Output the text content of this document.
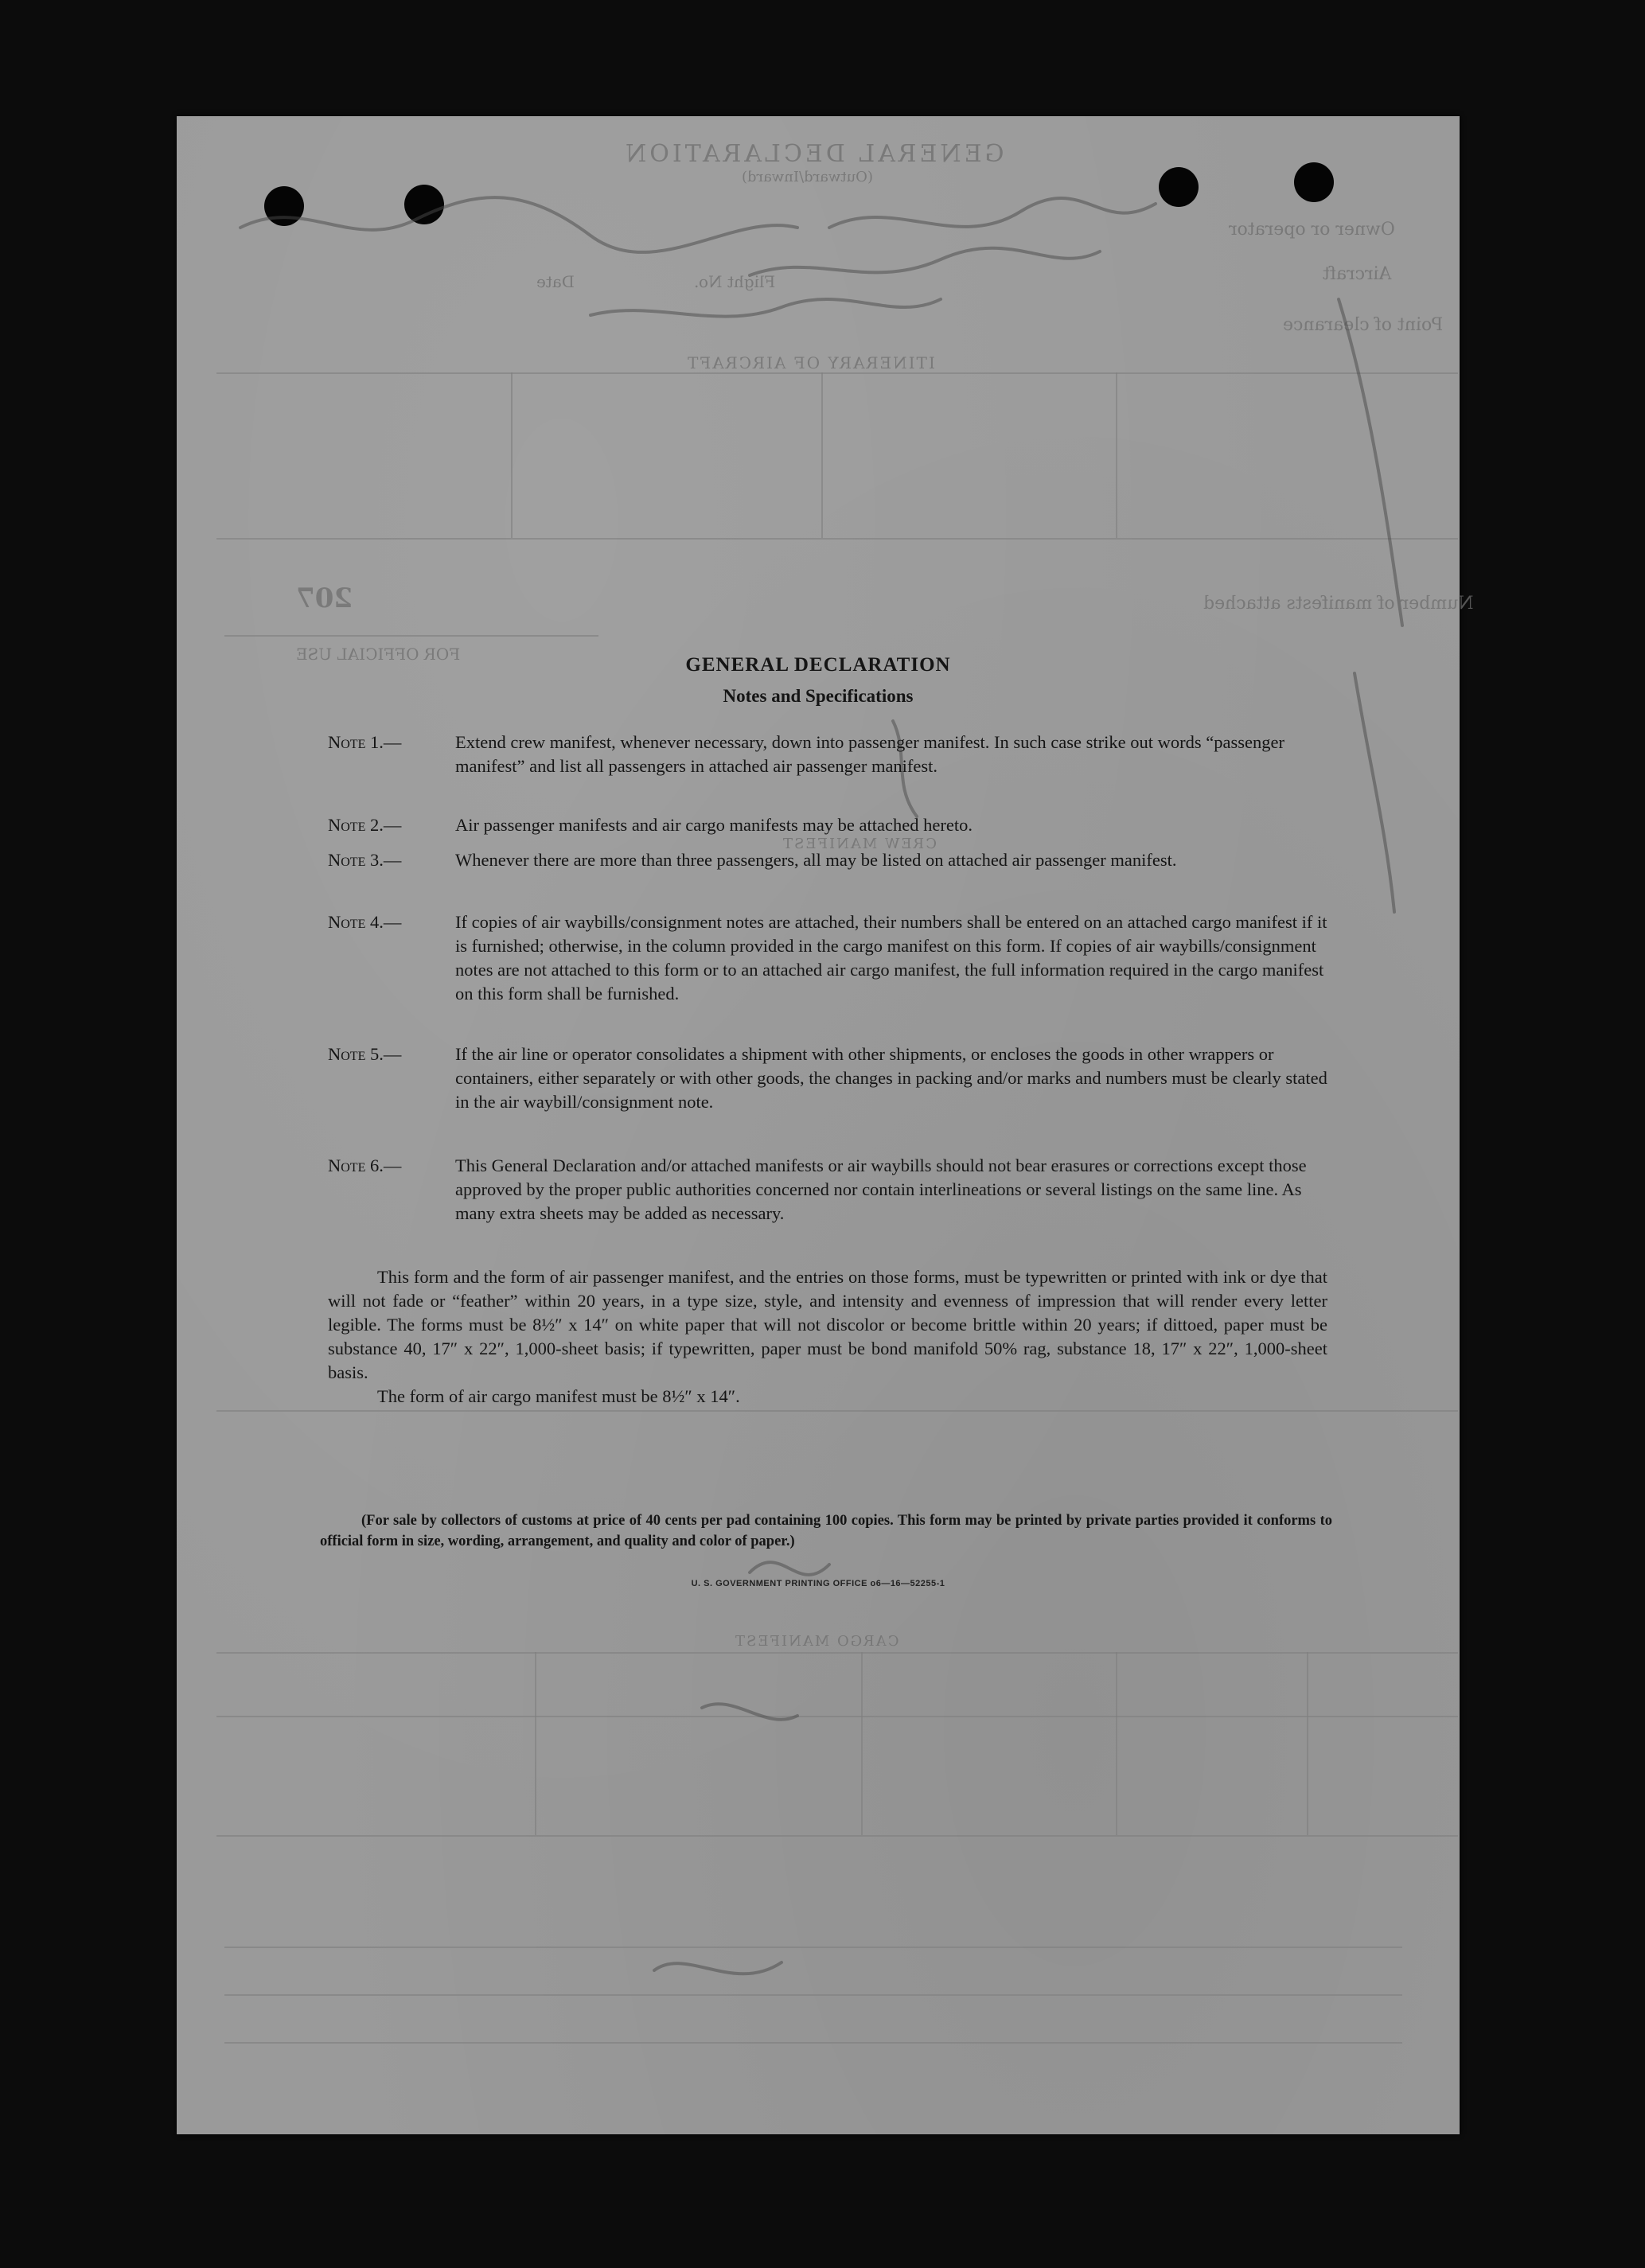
GENERAL DECLARATION
(Outward/Inward)
Owner or operator
Aircraft
Flight No.
Date
Point of clearance
ITINERARY OF AIRCRAFT
207	Number of manifests attached
FOR OFFICIAL USE
CREW MANIFEST
CARGO MANIFEST
GENERAL DECLARATION
Notes and Specifications
Note 1.—	Extend crew manifest, whenever necessary, down into passenger manifest. In such case strike out words “passenger manifest” and list all passengers in attached air passenger manifest.
Note 2.—	Air passenger manifests and air cargo manifests may be attached hereto.
Note 3.—	Whenever there are more than three passengers, all may be listed on attached air passenger manifest.
Note 4.—	If copies of air waybills/consignment notes are attached, their numbers shall be entered on an attached cargo manifest if it is furnished; otherwise, in the column provided in the cargo manifest on this form. If copies of air waybills/consignment notes are not attached to this form or to an attached air cargo manifest, the full information required in the cargo manifest on this form shall be furnished.
Note 5.—	If the air line or operator consolidates a shipment with other shipments, or encloses the goods in other wrappers or containers, either separately or with other goods, the changes in packing and/or marks and numbers must be clearly stated in the air waybill/consignment note.
Note 6.—	This General Declaration and/or attached manifests or air waybills should not bear erasures or corrections except those approved by the proper public authorities concerned nor contain interlineations or several listings on the same line. As many extra sheets may be added as necessary.
This form and the form of air passenger manifest, and the entries on those forms, must be typewritten or printed with ink or dye that will not fade or “feather” within 20 years, in a type size, style, and intensity and evenness of impression that will render every letter legible. The forms must be 8½″ x 14″ on white paper that will not discolor or become brittle within 20 years; if dittoed, paper must be substance 40, 17″ x 22″, 1,000-sheet basis; if typewritten, paper must be bond manifold 50% rag, substance 18, 17″ x 22″, 1,000-sheet basis.
The form of air cargo manifest must be 8½″ x 14″.
(For sale by collectors of customs at price of 40 cents per pad containing 100 copies. This form may be printed by private parties provided it conforms to official form in size, wording, arrangement, and quality and color of paper.)
U. S. GOVERNMENT PRINTING OFFICE o6—16—52255-1
